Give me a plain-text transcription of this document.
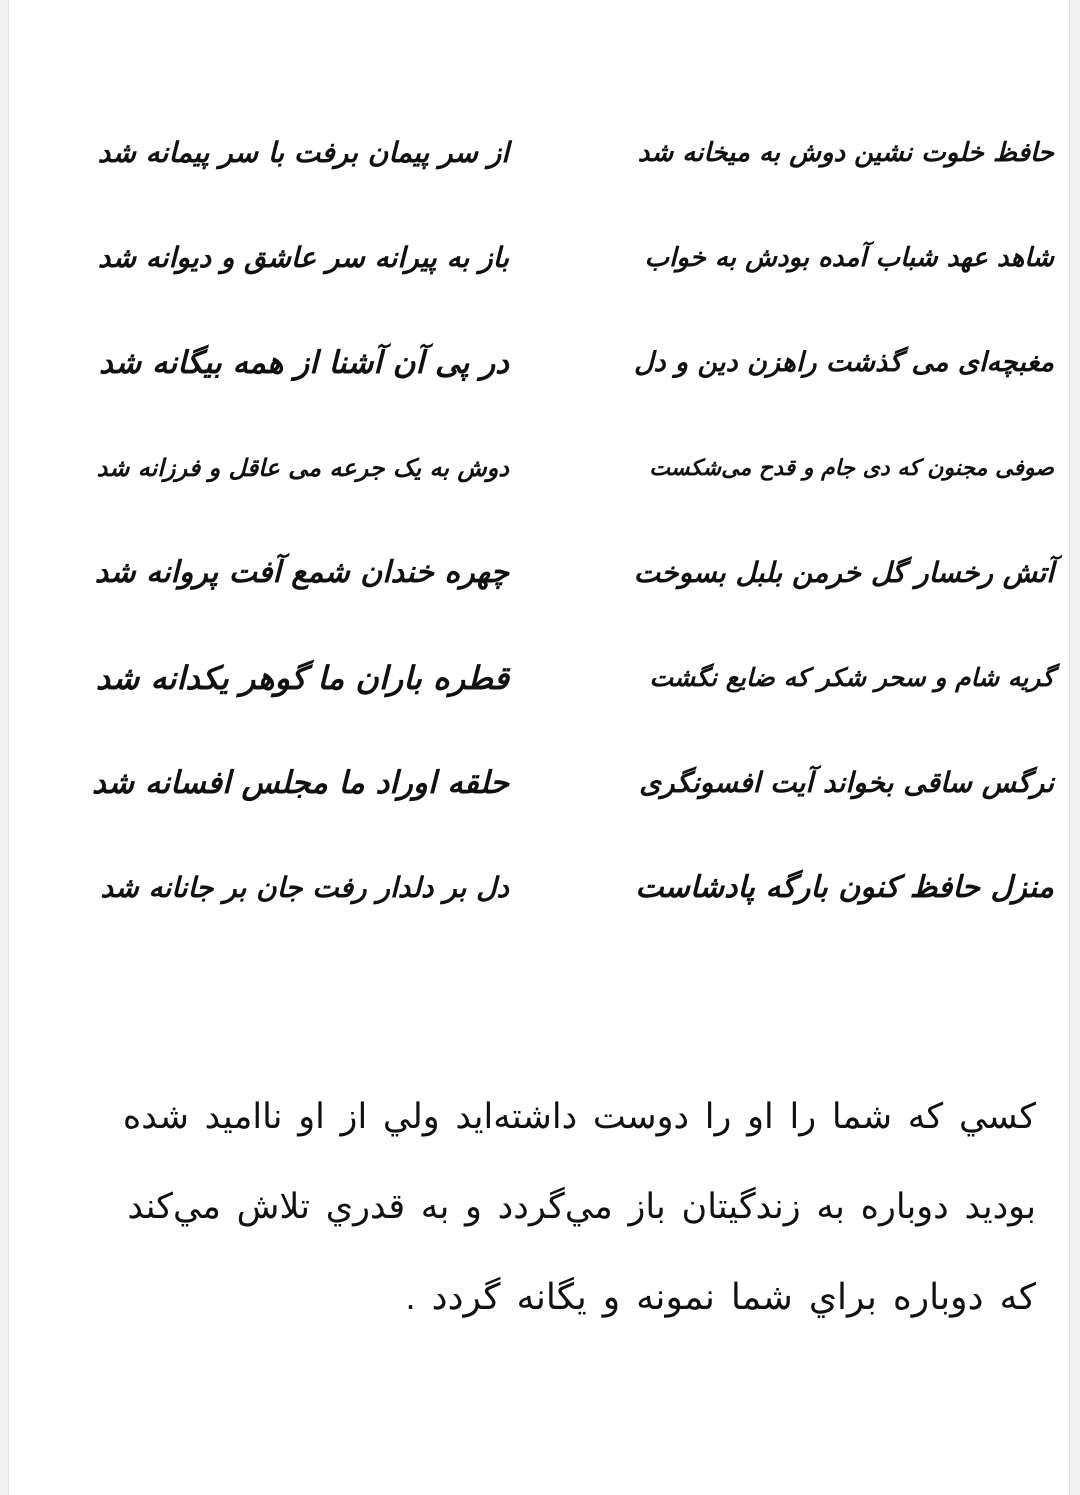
حافظ خلوت نشین دوش به میخانه شد
شاهد عهد شباب آمده بودش به خواب
مغبچه‌ای می گذشت راهزن دین و دل
صوفی مجنون که دی جام و قدح می‌شکست
آتش رخسار گل خرمن بلبل بسوخت
گریه شام و سحر شکر که ضایع نگشت
نرگس ساقی بخواند آیت افسونگری
منزل حافظ کنون بارگه پادشاست
از سر پیمان برفت با سر پیمانه شد
باز به پیرانه سر عاشق و دیوانه شد
در پی آن آشنا از همه بیگانه شد
دوش به یک جرعه می عاقل و فرزانه شد
چهره خندان شمع آفت پروانه شد
قطره باران ما گوهر یکدانه شد
حلقه اوراد ما مجلس افسانه شد
دل بر دلدار رفت جان بر جانانه شد
كسي كه شما را او را دوست داشته‌ايد ولي از او نااميد شده
بوديد دوباره به زندگيتان باز مي‌گردد و به قدري تلاش مي‌كند
كه دوباره براي شما نمونه و يگانه گردد .
